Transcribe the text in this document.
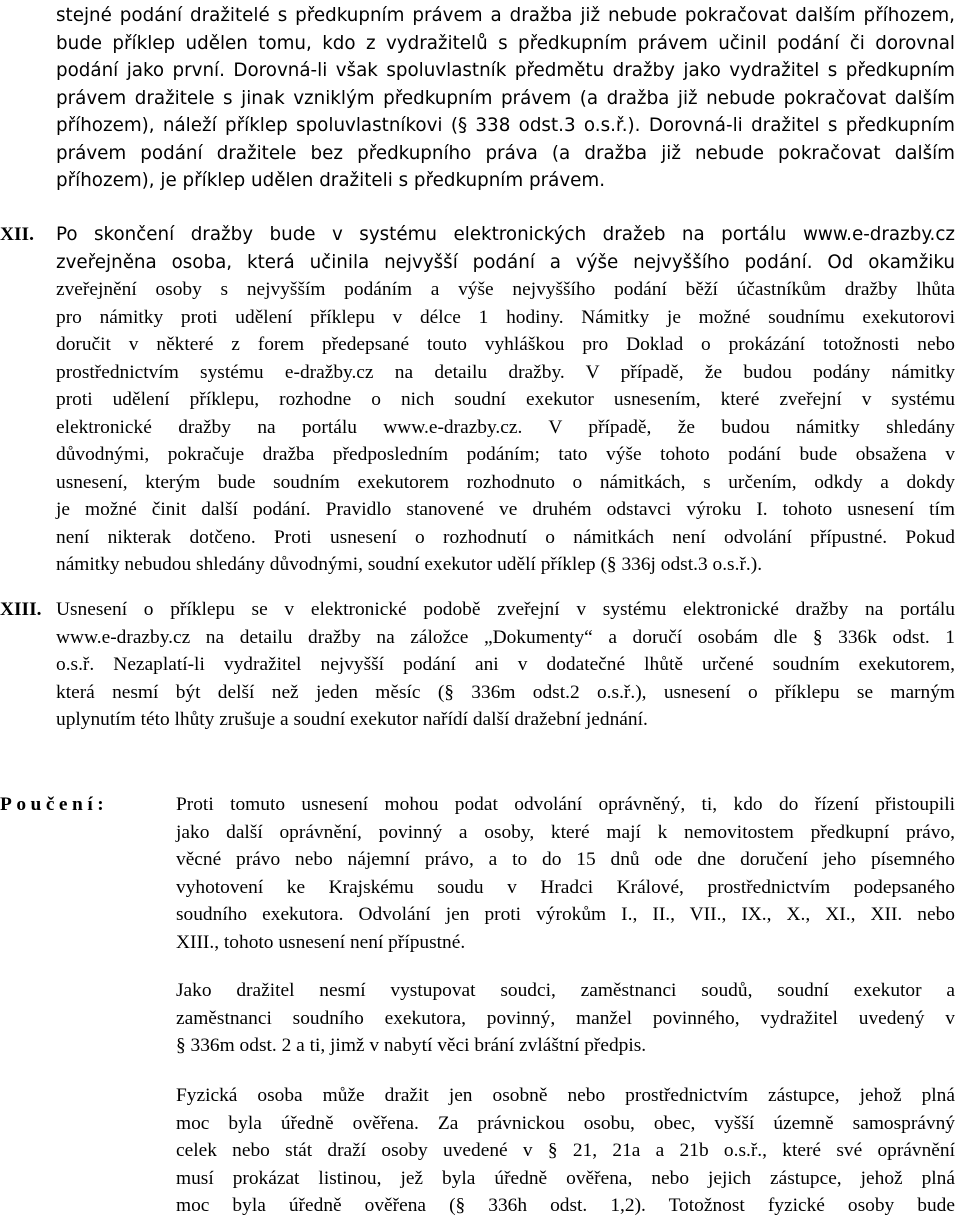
stejné podání dražitelé s předkupním právem a dražba již nebude pokračovat dalším příhozem,
bude příklep udělen tomu, kdo z vydražitelů s předkupním právem učinil podání či dorovnal
podání jako první. Dorovná-li však spoluvlastník předmětu dražby jako vydražitel s předkupním
právem dražitele s jinak vzniklým předkupním právem (a dražba již nebude pokračovat dalším
příhozem), náleží příklep spoluvlastníkovi (§ 338 odst.3 o.s.ř.). Dorovná-li dražitel s předkupním
právem podání dražitele bez předkupního práva (a dražba již nebude pokračovat dalším
příhozem), je příklep udělen dražiteli s předkupním právem.
XII. Po skončení dražby bude v systému elektronických dražeb na portálu www.e-drazby.cz
zveřejněna osoba, která učinila nejvyšší podání a výše nejvyššího podání. Od okamžiku
zveřejnění osoby s nejvyšším podáním a výše nejvyššího podání běží účastníkům dražby lhůta
pro námitky proti udělení příklepu v délce 1 hodiny. Námitky je možné soudnímu exekutorovi
doručit v některé z forem předepsané touto vyhláškou pro Doklad o prokázání totožnosti nebo
prostřednictvím systému e-dražby.cz na detailu dražby. V případě, že budou podány námitky
proti udělení příklepu, rozhodne o nich soudní exekutor usnesením, které zveřejní v systému
elektronické dražby na portálu www.e-drazby.cz. V případě, že budou námitky shledány
důvodnými, pokračuje dražba předposledním podáním; tato výše tohoto podání bude obsažena v
usnesení, kterým bude soudním exekutorem rozhodnuto o námitkách, s určením, odkdy a dokdy
je možné činit další podání. Pravidlo stanovené ve druhém odstavci výroku I. tohoto usnesení tím
není nikterak dotčeno. Proti usnesení o rozhodnutí o námitkách není odvolání přípustné. Pokud
námitky nebudou shledány důvodnými, soudní exekutor udělí příklep (§ 336j odst.3 o.s.ř.).
XIII. Usnesení o příklepu se v elektronické podobě zveřejní v systému elektronické dražby na portálu
www.e-drazby.cz na detailu dražby na záložce „Dokumenty“ a doručí osobám dle § 336k odst. 1
o.s.ř. Nezaplatí-li vydražitel nejvyšší podání ani v dodatečné lhůtě určené soudním exekutorem,
která nesmí být delší než jeden měsíc (§ 336m odst.2 o.s.ř.), usnesení o příklepu se marným
uplynutím této lhůty zrušuje a soudní exekutor nařídí další dražební jednání.
Poučení:	Proti tomuto usnesení mohou podat odvolání oprávněný, ti, kdo do řízení přistoupili
jako další oprávnění, povinný a osoby, které mají k nemovitostem předkupní právo,
věcné právo nebo nájemní právo, a to do 15 dnů ode dne doručení jeho písemného
vyhotovení ke Krajskému soudu v Hradci Králové, prostřednictvím podepsaného
soudního exekutora. Odvolání jen proti výrokům I., II., VII., IX., X., XI., XII. nebo
XIII., tohoto usnesení není přípustné.
Jako dražitel nesmí vystupovat soudci, zaměstnanci soudů, soudní exekutor a
zaměstnanci soudního exekutora, povinný, manžel povinného, vydražitel uvedený v
§ 336m odst. 2 a ti, jimž v nabytí věci brání zvláštní předpis.
Fyzická osoba může dražit jen osobně nebo prostřednictvím zástupce, jehož plná
moc byla úředně ověřena. Za právnickou osobu, obec, vyšší územně samosprávný
celek nebo stát draží osoby uvedené v § 21, 21a a 21b o.s.ř., které své oprávnění
musí prokázat listinou, jež byla úředně ověřena, nebo jejich zástupce, jehož plná
moc byla úředně ověřena (§ 336h odst. 1,2). Totožnost fyzické osoby bude
